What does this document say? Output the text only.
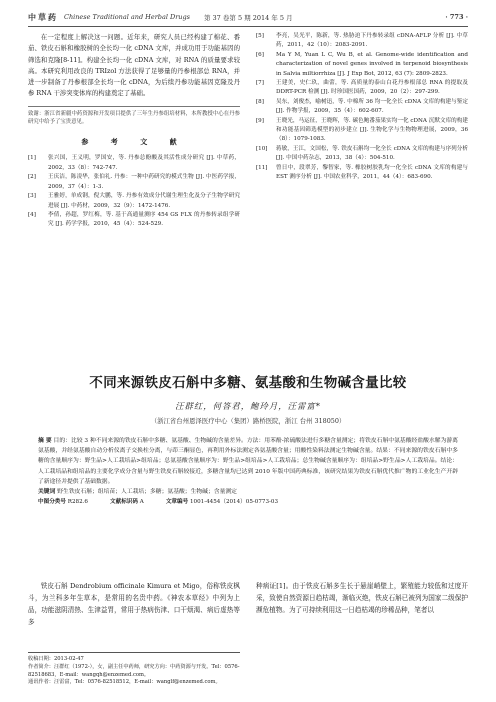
中草药 Chinese Traditional and Herbal Drugs 第 37 卷第 5 期 2014 年 5 月	· 773 ·

在一定程度上解决这一问题。近年来，研究人员已经构建了棉花、番茄、铁皮石斛和橡胶树的全长均一化 cDNA 文库，并成功用于功能基因的筛选和克隆[8-11]。构建全长均一化 cDNA 文库，对 RNA 的质量要求较高。本研究利用改良的 TRIzol 方法获得了足够量的丹参根部总 RNA，并进一步制备了丹参根部全长均一化 cDNA，为后续丹参功能基因克隆及丹参 RNA 干涉突变体库的构建奠定了基础。

致谢：浙江省新疆中药资源和开发项目提供了三年生丹参组培材料，本所教授中心在丹参研究中给予了宝贵意见。

参 考 文 献
[1]	张兴国，王义明，罗国安，等. 丹参总酚酸及其活性成分研究 [J]. 中草药，2002，33（8）：742-747.
[2]	王庆洁，陈凌华，张伯礼. 丹参：一种中药研究的模式生物 [J]. 中医药学报，2009，37（4）：1-3.
[3]	王雅婷，单成钢，倪大鹏，等. 丹参有效成分代谢生理生化及分子生物学研究进展 [J]. 中药材，2009，32（9）：1472-1476.
[4]	李倩，孙超，罗红梅，等. 基于高通量测序 454 GS FLX 的丹参转录组学研究 [J]. 药学学报，2010，45（4）：524-529.
[5]	李亮，吴光平，陈新，等. 热胁迫下丹参转录组 cDNA-AFLP 分析 [J]. 中草药，2011，42（10）：2083-2091.
[6]	Ma Y M, Yuan L C, Wu B, et al. Genome-wide identification and characterization of novel genes involved in terpenoid biosynthesis in Salvia miltiorrhiza [J]. J Exp Bot, 2012, 63 (7): 2809-2823.
[7]	王建美，史仁玖，曲蕾，等. 高质量的泰山白花丹参根部总 RNA 的提取及 DDRT-PCR 检测 [J]. 时珍国医国药，2009，20（2）：297-299.
[8]	吴东，刘俊杰，喻树迅，等. 中棉所 36 均一化全长 cDNA 文库的构建与鉴定 [J]. 作物学报，2009，35（4）：602-607.
[9]	王晓光，马运征，王晓辉，等. 碳色鲍番茄果实均一化 cDNA 沉默文库的构建和功能基因筛选模型的初步建立 [J]. 生物化学与生物物理进展，2009，36（8）：1079-1083.
[10]	蒋敏，王江，文国松，等. 铁皮石斛均一化全长 cDNA 文库的构建与序列分析 [J]. 中国中药杂志，2013，38（4）：504-510.
[11]	曾日中，段翠芳，黎智家，等. 橡胶树胶乳均一化全长 cDNA 文库的构建与 EST 测序分析 [J]. 中国农业科学，2011，44（4）：683-690.
不同来源铁皮石斛中多糖、氨基酸和生物碱含量比较
汪群红，何答君，鲍玲月，汪雷富*
（浙江省台州恩泽医疗中心（集团）路桥医院，浙江 台州 318050）

摘 要 目的：比较 3 种不同来源的铁皮石斛中多糖、氨基酸、生物碱的含量差异。方法：用苯酚-浓硫酸法进行多糖含量测定；将铁皮石斛中氨基酸经盐酸水解为游离氨基酸，并经氨基酸自动分析仪离子交换柱分离，与茚三酮显色，再利用外标法测定各氨基酸含量；用酸性染料法测定生物碱含量。结果：不同来源的铁皮石斛中多糖的含量顺序为：野生品>人工栽培品>组培品；总氨基酸含量顺序为：野生品>组培品>人工栽培品；总生物碱含量顺序为：组培品>野生品>人工栽培品。结论：人工栽培品和组培品的主要化学成分含量与野生铁皮石斛较接近，多糖含量均已达到 2010 年版中国药典标准，该研究结果为铁皮石斛优代推广物的工业化生产开辟了新途径并提供了基础数据。

关键词 野生铁皮石斛；组培苗；人工栽培；多糖；氨基酸；生物碱；含量测定

中图分类号 R282.6	文献标识码 A	文章编号 1001-4454（2014）05-0773-03

铁皮石斛 Dendrobium officinale Kimura et Migo，俗称铁皮枫斗，为兰科多年生草本，是常用的名贵中药。《神农本草经》中列为上品，功能滋阴清热、生津益胃，常用于热病伤津、口干烦渴、病后虚热等多

种病证[1]。由于铁皮石斛多生长于悬崖峭壁上，繁殖能力较低和过度开采，致使自然资源日趋枯竭，渐临灭绝，铁皮石斛已被列为国家二级保护濒危植物。为了可持续利用这一日趋枯竭的珍稀品种，笔者以

收稿日期：2013-02-47
作者简介：汪群红（1972-），女，副主任中药师，研究方向：中药资源与开发。Tel：0576-82518683，E-mail：wangqh@enzemed.com。
通讯作者：汪雷富，Tel：0576-82518512，E-mail：wanglf@enzemed.com。
